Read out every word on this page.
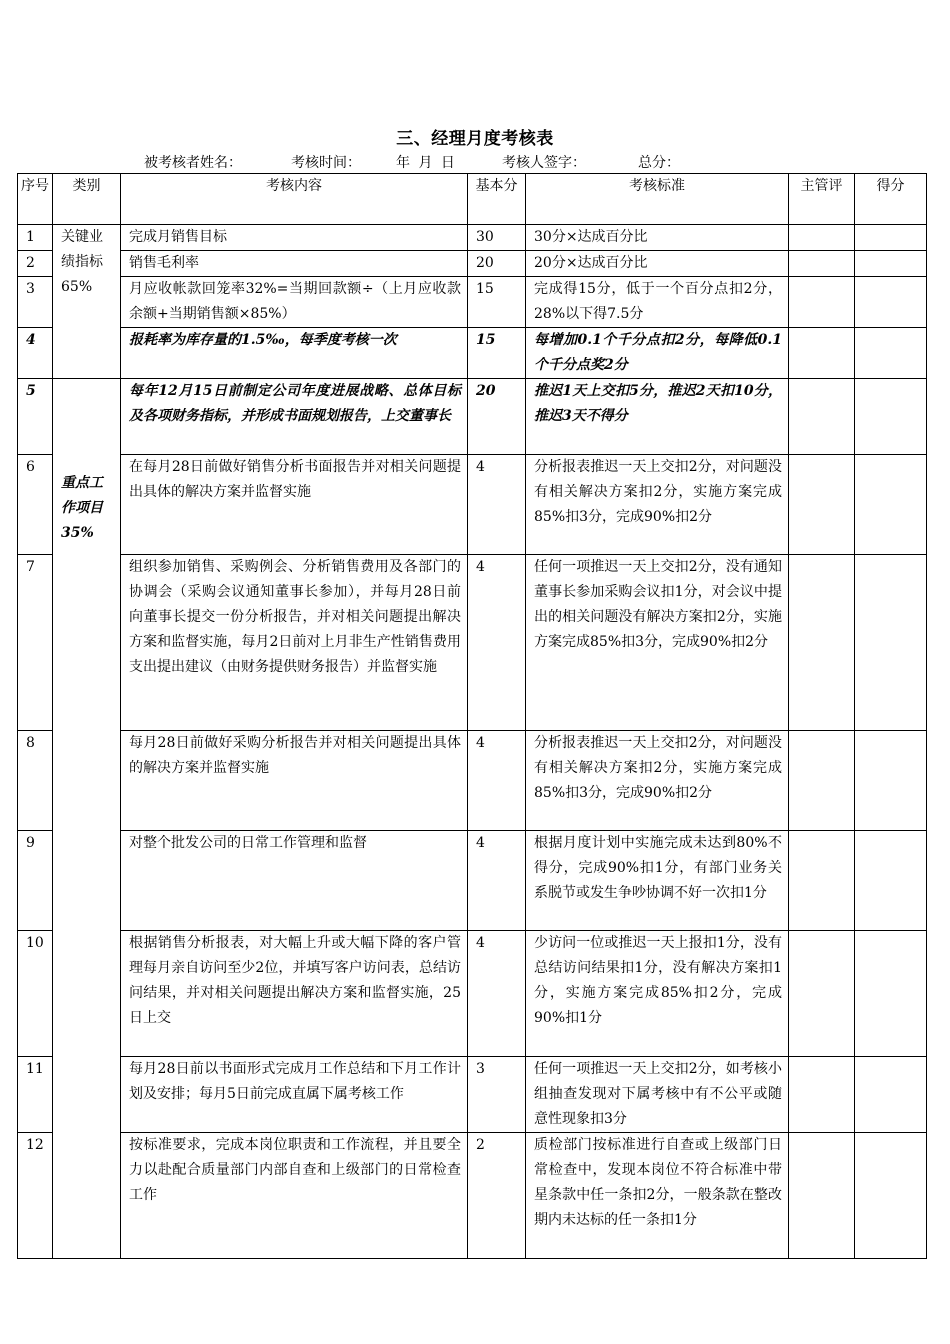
三、经理月度考核表
被考核者姓名：	考核时间：	年 月 日	考核人签字：	总分：
序号	类别	考核内容	基本分	考核标准	主管评	得分
1	关键业绩指标65%	完成月销售目标	30	30分×达成百分比		
2		销售毛利率	20	20分×达成百分比		
3		月应收帐款回笼率32%=当期回款额÷（上月应收款余额+当期销售额×85%）	15	完成得15分，低于一个百分点扣2分，28%以下得7.5分		
4		报耗率为库存量的1.5‰，每季度考核一次	15	每增加0.1个千分点扣2分，每降低0.1个千分点奖2分		
5	重点工作项目35%	每年12月15日前制定公司年度进展战略、总体目标及各项财务指标，并形成书面规划报告，上交董事长	20	推迟1天上交扣5分，推迟2天扣10分，推迟3天不得分		
6		在每月28日前做好销售分析书面报告并对相关问题提出具体的解决方案并监督实施	4	分析报表推迟一天上交扣2分，对问题没有相关解决方案扣2分，实施方案完成85%扣3分，完成90%扣2分		
7		组织参加销售、采购例会、分析销售费用及各部门的协调会（采购会议通知董事长参加），并每月28日前向董事长提交一份分析报告，并对相关问题提出解决方案和监督实施，每月2日前对上月非生产性销售费用支出提出建议（由财务提供财务报告）并监督实施	4	任何一项推迟一天上交扣2分，没有通知董事长参加采购会议扣1分，对会议中提出的相关问题没有解决方案扣2分，实施方案完成85%扣3分，完成90%扣2分		
8		每月28日前做好采购分析报告并对相关问题提出具体的解决方案并监督实施	4	分析报表推迟一天上交扣2分，对问题没有相关解决方案扣2分，实施方案完成85%扣3分，完成90%扣2分		
9		对整个批发公司的日常工作管理和监督	4	根据月度计划中实施完成未达到80%不得分，完成90%扣1分，有部门业务关系脱节或发生争吵协调不好一次扣1分		
10		根据销售分析报表，对大幅上升或大幅下降的客户管理每月亲自访问至少2位，并填写客户访问表，总结访问结果，并对相关问题提出解决方案和监督实施，25日上交	4	少访问一位或推迟一天上报扣1分，没有总结访问结果扣1分，没有解决方案扣1分，实施方案完成85%扣2分，完成90%扣1分		
11		每月28日前以书面形式完成月工作总结和下月工作计划及安排；每月5日前完成直属下属考核工作	3	任何一项推迟一天上交扣2分，如考核小组抽查发现对下属考核中有不公平或随意性现象扣3分		
12		按标准要求，完成本岗位职责和工作流程，并且要全力以赴配合质量部门内部自查和上级部门的日常检查工作	2	质检部门按标准进行自查或上级部门日常检查中，发现本岗位不符合标准中带星条款中任一条扣2分，一般条款在整改期内未达标的任一条扣1分		
